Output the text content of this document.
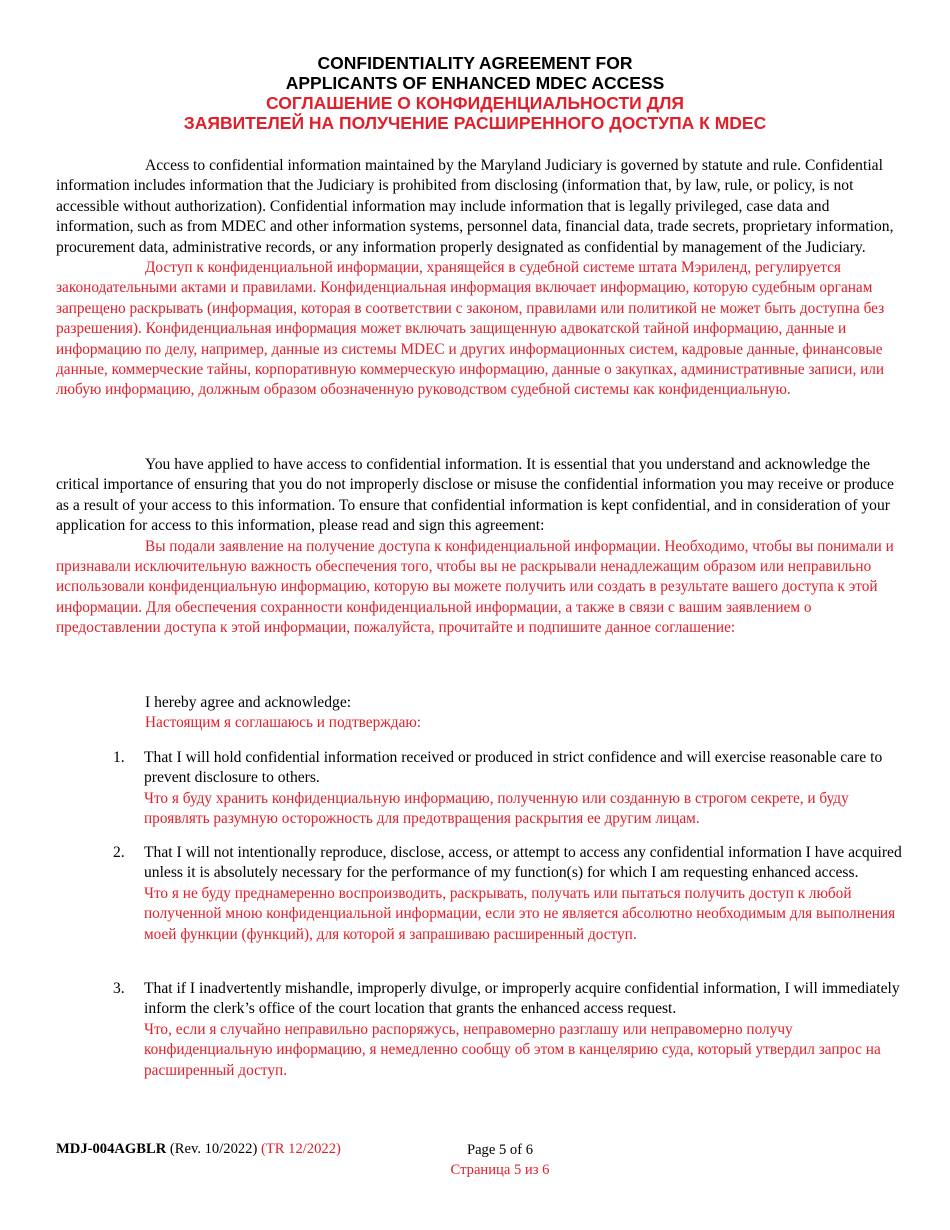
CONFIDENTIALITY AGREEMENT FOR
APPLICANTS OF ENHANCED MDEC ACCESS
СОГЛАШЕНИЕ О КОНФИДЕНЦИАЛЬНОСТИ ДЛЯ
ЗАЯВИТЕЛЕЙ НА ПОЛУЧЕНИЕ РАСШИРЕННОГО ДОСТУПА К MDEC
Access to confidential information maintained by the Maryland Judiciary is governed by statute and rule. Confidential information includes information that the Judiciary is prohibited from disclosing (information that, by law, rule, or policy, is not accessible without authorization). Confidential information may include information that is legally privileged, case data and information, such as from MDEC and other information systems, personnel data, financial data, trade secrets, proprietary information, procurement data, administrative records, or any information properly designated as confidential by management of the Judiciary.
Доступ к конфиденциальной информации, хранящейся в судебной системе штата Мэриленд, регулируется законодательными актами и правилами. Конфиденциальная информация включает информацию, которую судебным органам запрещено раскрывать (информация, которая в соответствии с законом, правилами или политикой не может быть доступна без разрешения). Конфиденциальная информация может включать защищенную адвокатской тайной информацию, данные и информацию по делу, например, данные из системы MDEC и других информационных систем, кадровые данные, финансовые данные, коммерческие тайны, корпоративную коммерческую информацию, данные о закупках, административные записи, или любую информацию, должным образом обозначенную руководством судебной системы как конфиденциальную.
You have applied to have access to confidential information. It is essential that you understand and acknowledge the critical importance of ensuring that you do not improperly disclose or misuse the confidential information you may receive or produce as a result of your access to this information. To ensure that confidential information is kept confidential, and in consideration of your application for access to this information, please read and sign this agreement:
Вы подали заявление на получение доступа к конфиденциальной информации. Необходимо, чтобы вы понимали и признавали исключительную важность обеспечения того, чтобы вы не раскрывали ненадлежащим образом или неправильно использовали конфиденциальную информацию, которую вы можете получить или создать в результате вашего доступа к этой информации. Для обеспечения сохранности конфиденциальной информации, а также в связи с вашим заявлением о предоставлении доступа к этой информации, пожалуйста, прочитайте и подпишите данное соглашение:
I hereby agree and acknowledge:
Настоящим я соглашаюсь и подтверждаю:
1. That I will hold confidential information received or produced in strict confidence and will exercise reasonable care to prevent disclosure to others.
Что я буду хранить конфиденциальную информацию, полученную или созданную в строгом секрете, и буду проявлять разумную осторожность для предотвращения раскрытия ее другим лицам.
2. That I will not intentionally reproduce, disclose, access, or attempt to access any confidential information I have acquired unless it is absolutely necessary for the performance of my function(s) for which I am requesting enhanced access.
Что я не буду преднамеренно воспроизводить, раскрывать, получать или пытаться получить доступ к любой полученной мною конфиденциальной информации, если это не является абсолютно необходимым для выполнения моей функции (функций), для которой я запрашиваю расширенный доступ.
3. That if I inadvertently mishandle, improperly divulge, or improperly acquire confidential information, I will immediately inform the clerk’s office of the court location that grants the enhanced access request.
Что, если я случайно неправильно распоряжусь, неправомерно разглашу или неправомерно получу конфиденциальную информацию, я немедленно сообщу об этом в канцелярию суда, который утвердил запрос на расширенный доступ.
MDJ-004AGBLR (Rev. 10/2022) (TR 12/2022)	Page 5 of 6
Страница 5 из 6
